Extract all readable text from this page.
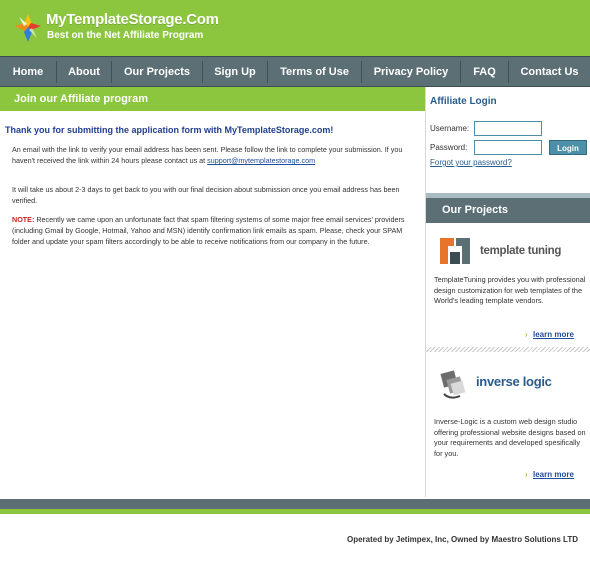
MyTemplateStorage.Com
Best on the Net Affiliate Program
Home	About	Our Projects	Sign Up	Terms of Use	Privacy Policy	FAQ	Contact Us
Join our Affiliate program
Thank you for submitting the application form with MyTemplateStorage.com!
An email with the link to verify your email address has been sent. Please follow the link to complete your submission. If you haven't received the link within 24 hours please contact us at support@mytemplatestorage.com
It will take us about 2-3 days to get back to you with our final decision about submission once you email address has been verified.
NOTE: Recently we came upon an unfortunate fact that spam filtering systems of some major free email services' providers (including Gmail by Google, Hotmail, Yahoo and MSN) identify confirmation link emails as spam. Please, check your SPAM folder and update your spam filters accordingly to be able to receive notifications from our company in the future.
Affiliate Login
Username:
Password:	Login
Forgot your password?
Our Projects
template tuning
TemplateTuning provides you with professional design customization for web templates of the World's leading template vendors.
› learn more
inverse logic
Inverse-Logic is a custom web design studio offering professional website designs based on your requirements and developed spesifically for you.
› learn more
Operated by Jetimpex, Inc, Owned by Maestro Solutions LTD
